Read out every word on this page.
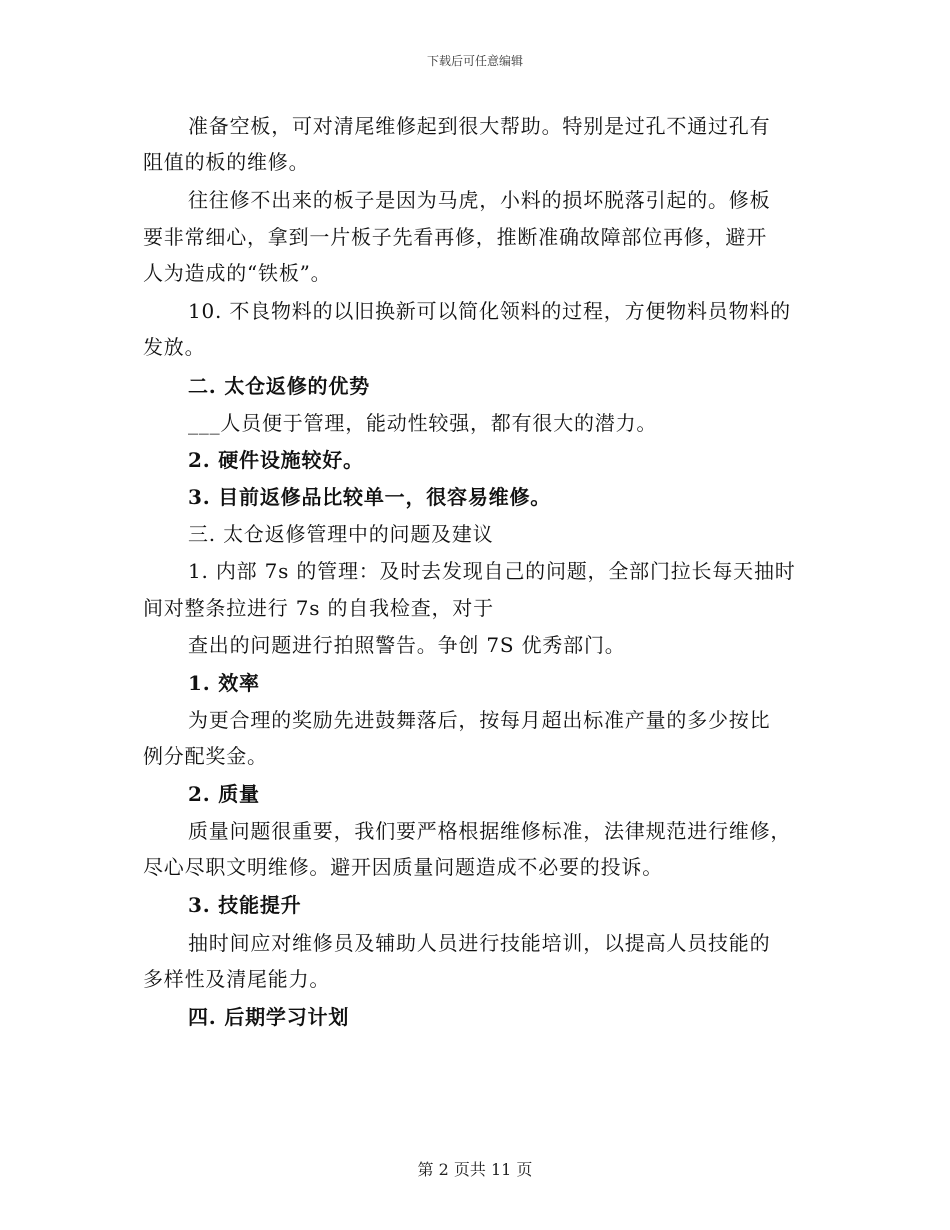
下载后可任意编辑
准备空板，可对清尾维修起到很大帮助。特别是过孔不通过孔有
阻值的板的维修。
往往修不出来的板子是因为马虎，小料的损坏脱落引起的。修板
要非常细心，拿到一片板子先看再修，推断准确故障部位再修，避开
人为造成的“铁板”。
10. 不良物料的以旧换新可以简化领料的过程，方便物料员物料的
发放。
二. 太仓返修的优势
___人员便于管理，能动性较强，都有很大的潜力。
2. 硬件设施较好。
3. 目前返修品比较单一，很容易维修。
三. 太仓返修管理中的问题及建议
1. 内部 7s 的管理：及时去发现自己的问题，全部门拉长每天抽时
间对整条拉进行 7s 的自我检查，对于
查出的问题进行拍照警告。争创 7S 优秀部门。
1. 效率
为更合理的奖励先进鼓舞落后，按每月超出标准产量的多少按比
例分配奖金。
2. 质量
质量问题很重要，我们要严格根据维修标准，法律规范进行维修，
尽心尽职文明维修。避开因质量问题造成不必要的投诉。
3. 技能提升
抽时间应对维修员及辅助人员进行技能培训，以提高人员技能的
多样性及清尾能力。
四. 后期学习计划
第 2 页共 11 页
